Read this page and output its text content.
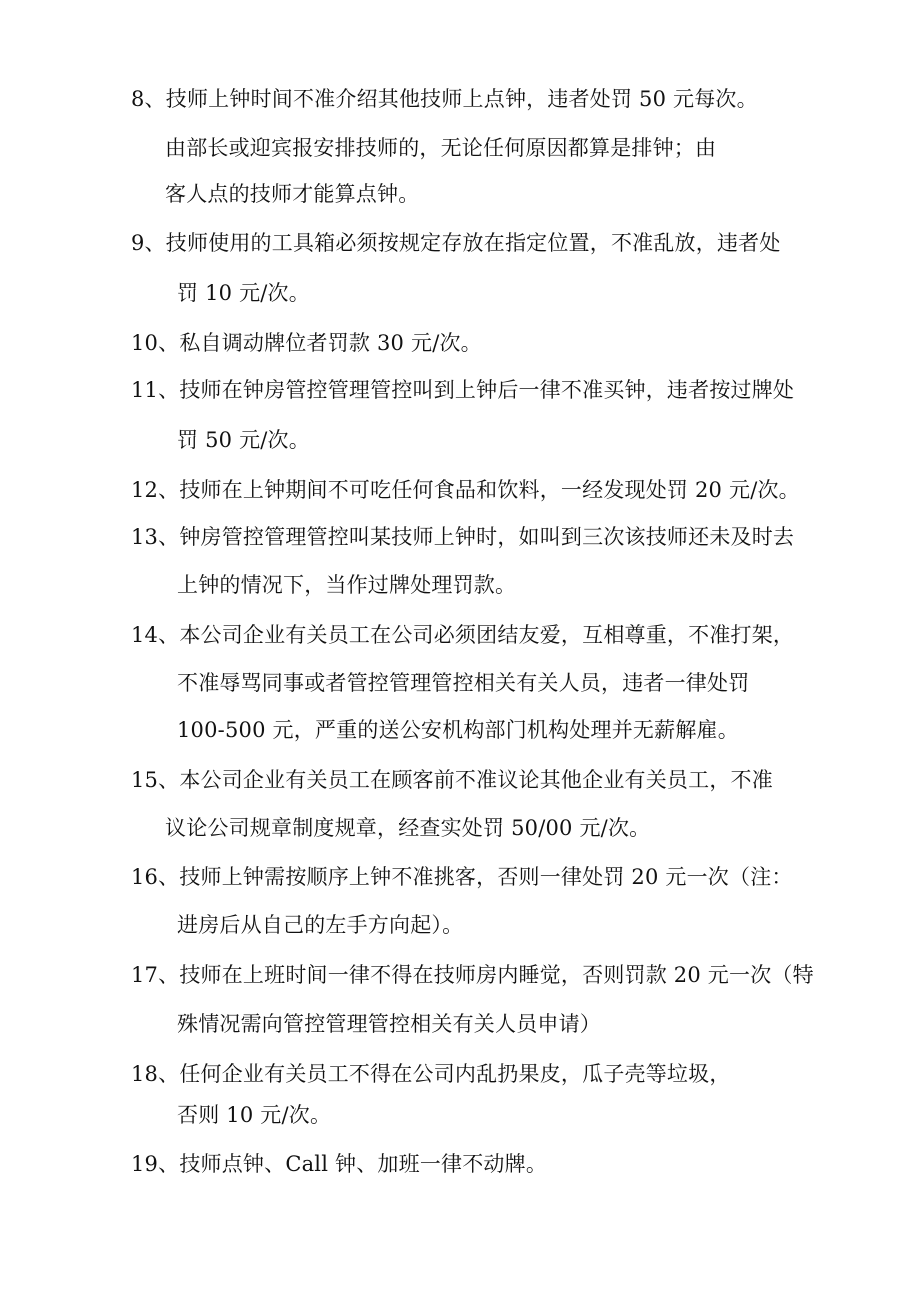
8、技师上钟时间不准介绍其他技师上点钟，违者处罚 50 元每次。
由部长或迎宾报安排技师的，无论任何原因都算是排钟；由
客人点的技师才能算点钟。
9、技师使用的工具箱必须按规定存放在指定位置，不准乱放，违者处
罚 10 元/次。
10、私自调动牌位者罚款 30 元/次。
11、技师在钟房管控管理管控叫到上钟后一律不准买钟，违者按过牌处
罚 50 元/次。
12、技师在上钟期间不可吃任何食品和饮料，一经发现处罚 20 元/次。
13、钟房管控管理管控叫某技师上钟时，如叫到三次该技师还未及时去
上钟的情况下，当作过牌处理罚款。
14、本公司企业有关员工在公司必须团结友爱，互相尊重，不准打架，
不准辱骂同事或者管控管理管控相关有关人员，违者一律处罚
100-500 元，严重的送公安机构部门机构处理并无薪解雇。
15、本公司企业有关员工在顾客前不准议论其他企业有关员工，不准
议论公司规章制度规章，经查实处罚 50/00 元/次。
16、技师上钟需按顺序上钟不准挑客，否则一律处罚 20 元一次（注：
进房后从自己的左手方向起）。
17、技师在上班时间一律不得在技师房内睡觉，否则罚款 20 元一次（特
殊情况需向管控管理管控相关有关人员申请）
18、任何企业有关员工不得在公司内乱扔果皮，瓜子壳等垃圾，
否则 10 元/次。
19、技师点钟、Call 钟、加班一律不动牌。
